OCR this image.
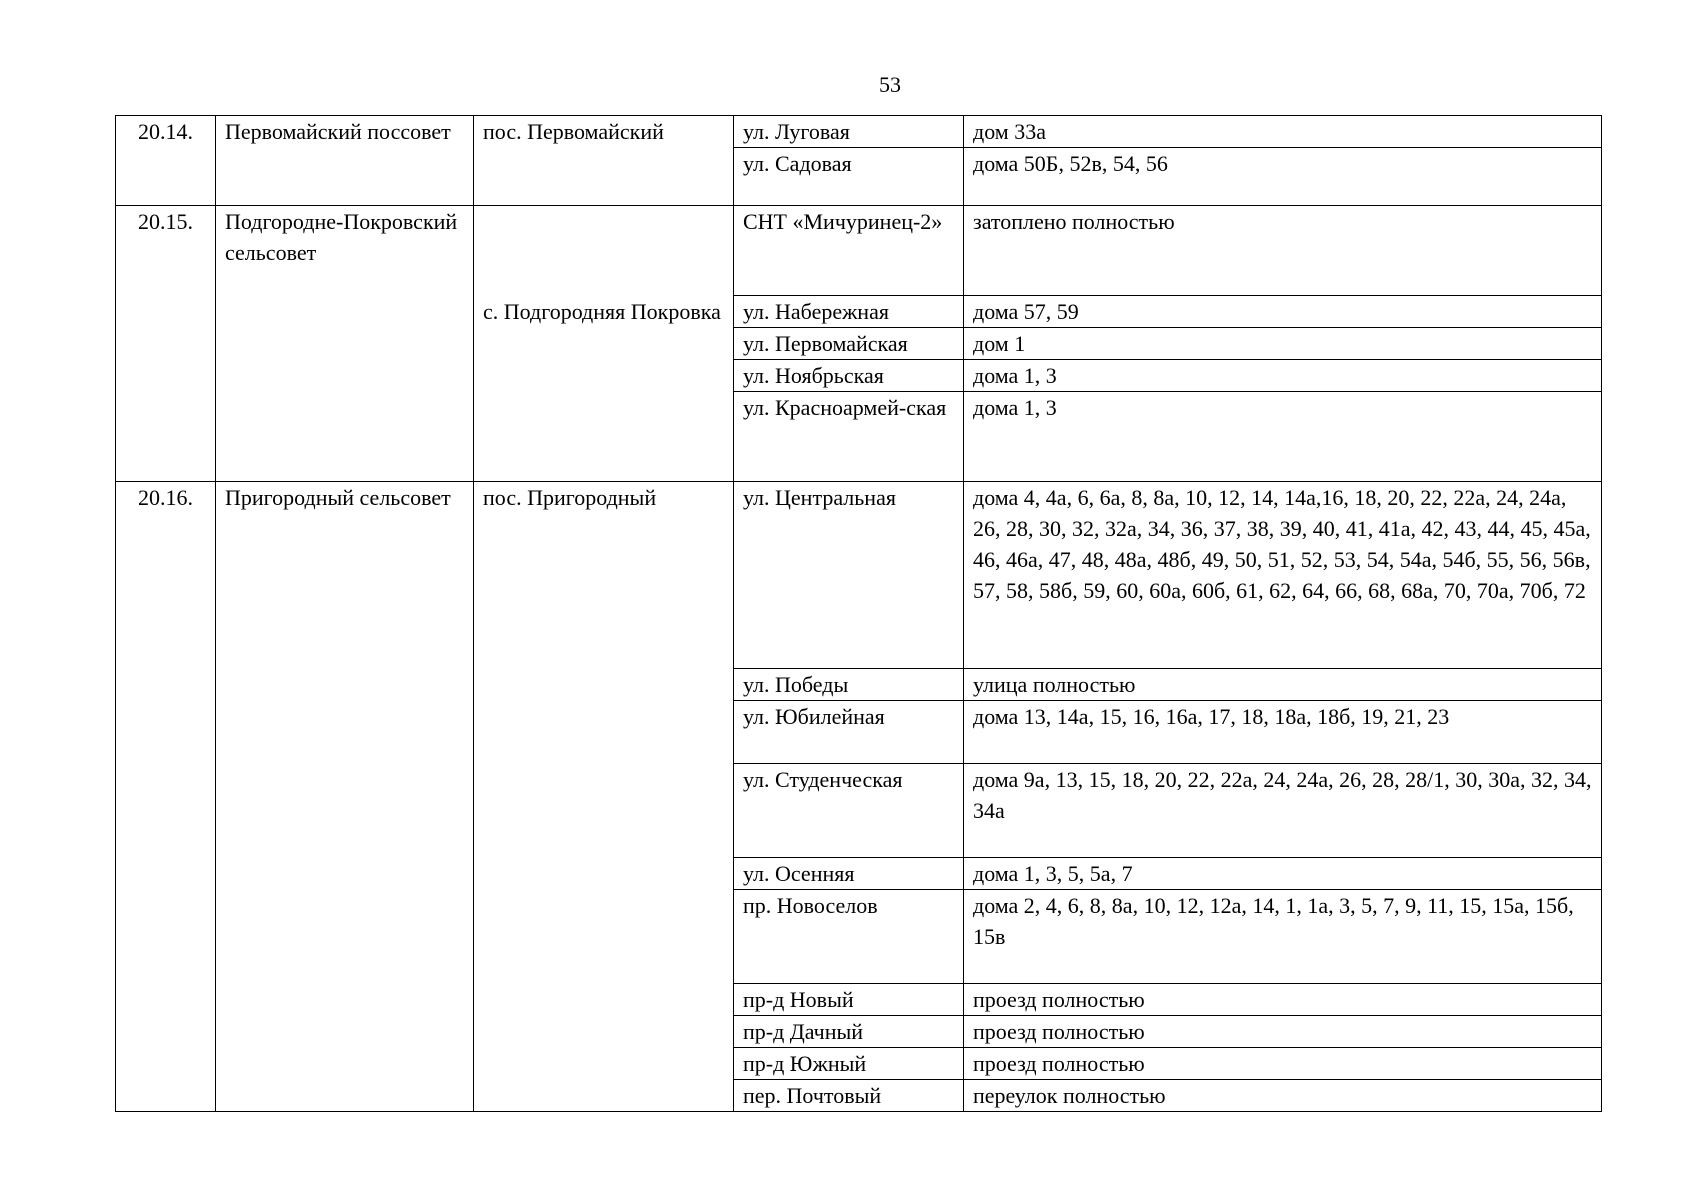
53
20.14.	Первомайский поссовет	пос. Первомайский	ул. Луговая	дом 33а
			ул. Садовая	дома 50Б, 52в, 54, 56
20.15.	Подгородне-Покровский сельсовет	с. Подгородняя Покровка	СНТ «Мичуринец-2»	затоплено полностью
			ул. Набережная	дома 57, 59
			ул. Первомайская	дом 1
			ул. Ноябрьская	дома 1, 3
			ул. Красноармей-ская	дома 1, 3
20.16.	Пригородный сельсовет	пос. Пригородный	ул. Центральная	дома 4, 4а, 6, 6а, 8, 8а, 10, 12, 14, 14а,16, 18, 20, 22, 22а, 24, 24а, 26, 28, 30, 32, 32а, 34, 36, 37, 38, 39, 40, 41, 41а, 42, 43, 44, 45, 45а, 46, 46а, 47, 48, 48а, 48б, 49, 50, 51, 52, 53, 54, 54а, 54б, 55, 56, 56в, 57, 58, 58б, 59, 60, 60а, 60б, 61, 62, 64, 66, 68, 68а, 70, 70а, 70б, 72
			ул. Победы	улица полностью
			ул. Юбилейная	дома 13, 14а, 15, 16, 16а, 17, 18, 18а, 18б, 19, 21, 23
			ул. Студенческая	дома 9а, 13, 15, 18, 20, 22, 22а, 24, 24а, 26, 28, 28/1, 30, 30а, 32, 34, 34а
			ул. Осенняя	дома 1, 3, 5, 5а, 7
			пр. Новоселов	дома 2, 4, 6, 8, 8а, 10, 12, 12а, 14, 1, 1а, 3, 5, 7, 9, 11, 15, 15а, 15б, 15в
			пр-д Новый	проезд полностью
			пр-д Дачный	проезд полностью
			пр-д Южный	проезд полностью
			пер. Почтовый	переулок полностью
